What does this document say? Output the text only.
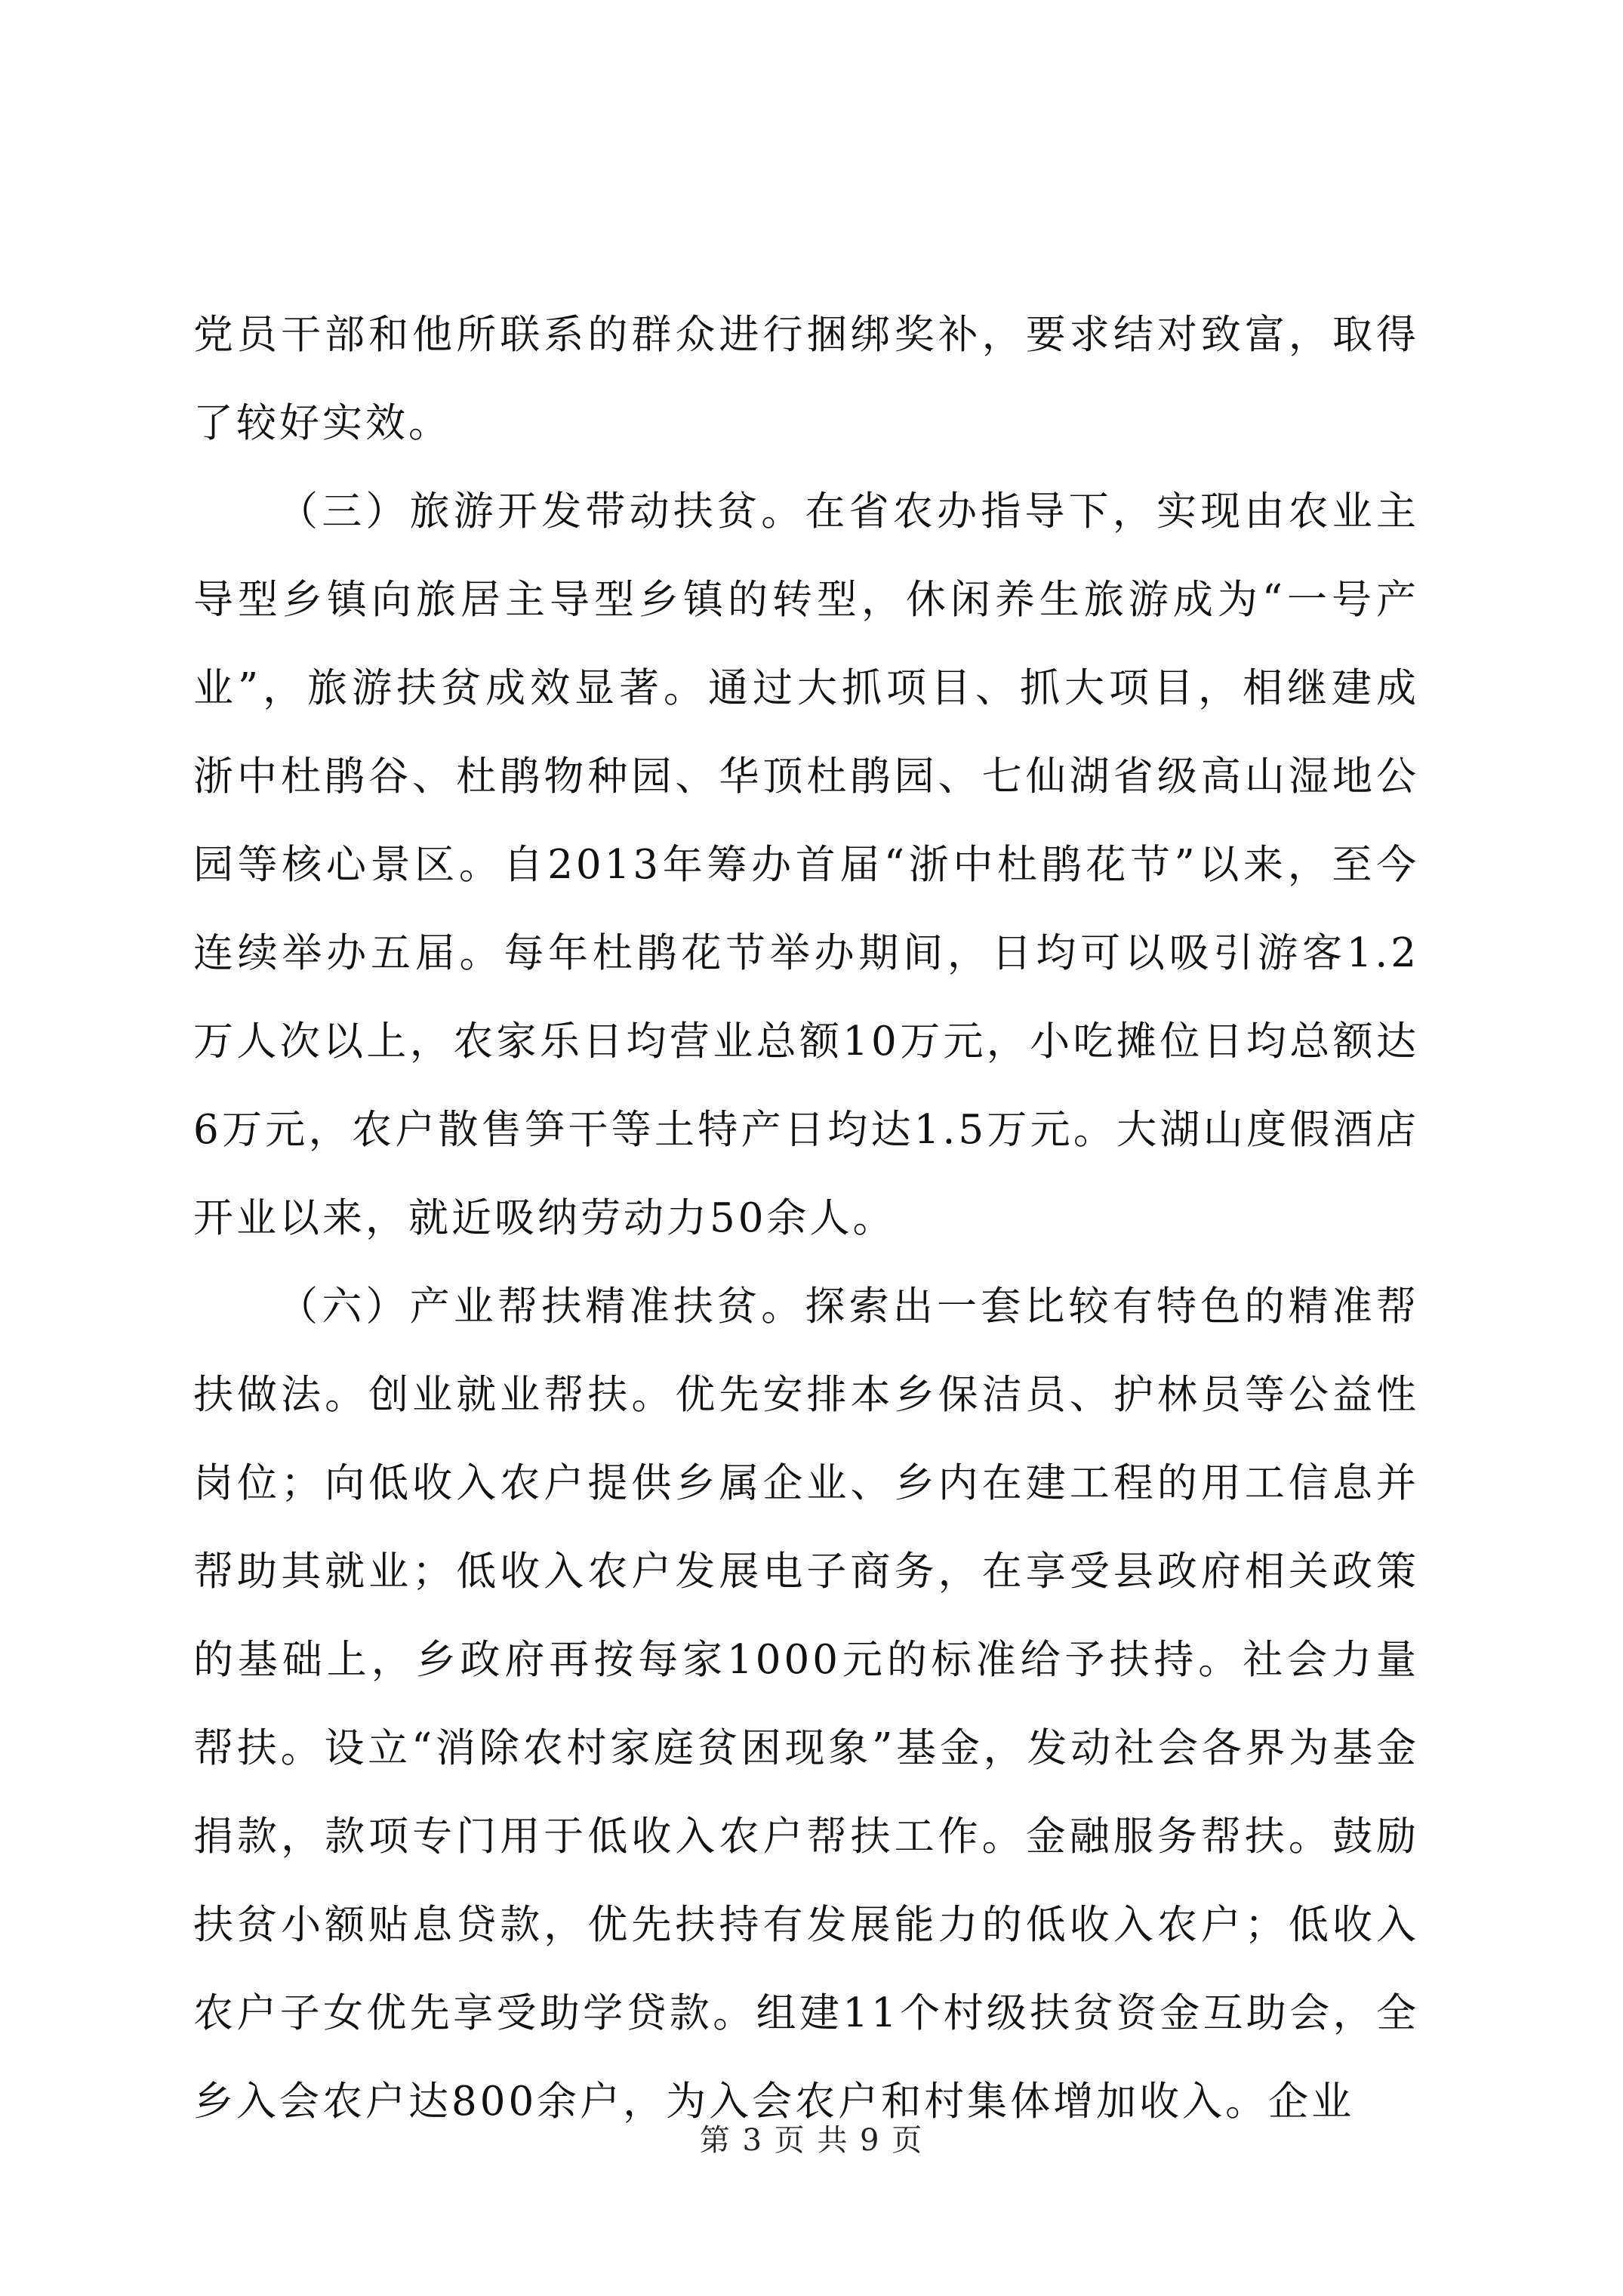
党员干部和他所联系的群众进行捆绑奖补，要求结对致富，取得了较好实效。

（三）旅游开发带动扶贫。在省农办指导下，实现由农业主导型乡镇向旅居主导型乡镇的转型，休闲养生旅游成为“一号产业”，旅游扶贫成效显著。通过大抓项目、抓大项目，相继建成浙中杜鹃谷、杜鹃物种园、华顶杜鹃园、七仙湖省级高山湿地公园等核心景区。自2013年筹办首届“浙中杜鹃花节”以来，至今连续举办五届。每年杜鹃花节举办期间，日均可以吸引游客1.2万人次以上，农家乐日均营业总额10万元，小吃摊位日均总额达6万元，农户散售笋干等土特产日均达1.5万元。大湖山度假酒店开业以来，就近吸纳劳动力50余人。

（六）产业帮扶精准扶贫。探索出一套比较有特色的精准帮扶做法。创业就业帮扶。优先安排本乡保洁员、护林员等公益性岗位；向低收入农户提供乡属企业、乡内在建工程的用工信息并帮助其就业；低收入农户发展电子商务，在享受县政府相关政策的基础上，乡政府再按每家1000元的标准给予扶持。社会力量帮扶。设立“消除农村家庭贫困现象”基金，发动社会各界为基金捐款，款项专门用于低收入农户帮扶工作。金融服务帮扶。鼓励扶贫小额贴息贷款，优先扶持有发展能力的低收入农户；低收入农户子女优先享受助学贷款。组建11个村级扶贫资金互助会，全乡入会农户达800余户，为入会农户和村集体增加收入。企业

第 3 页 共 9 页
